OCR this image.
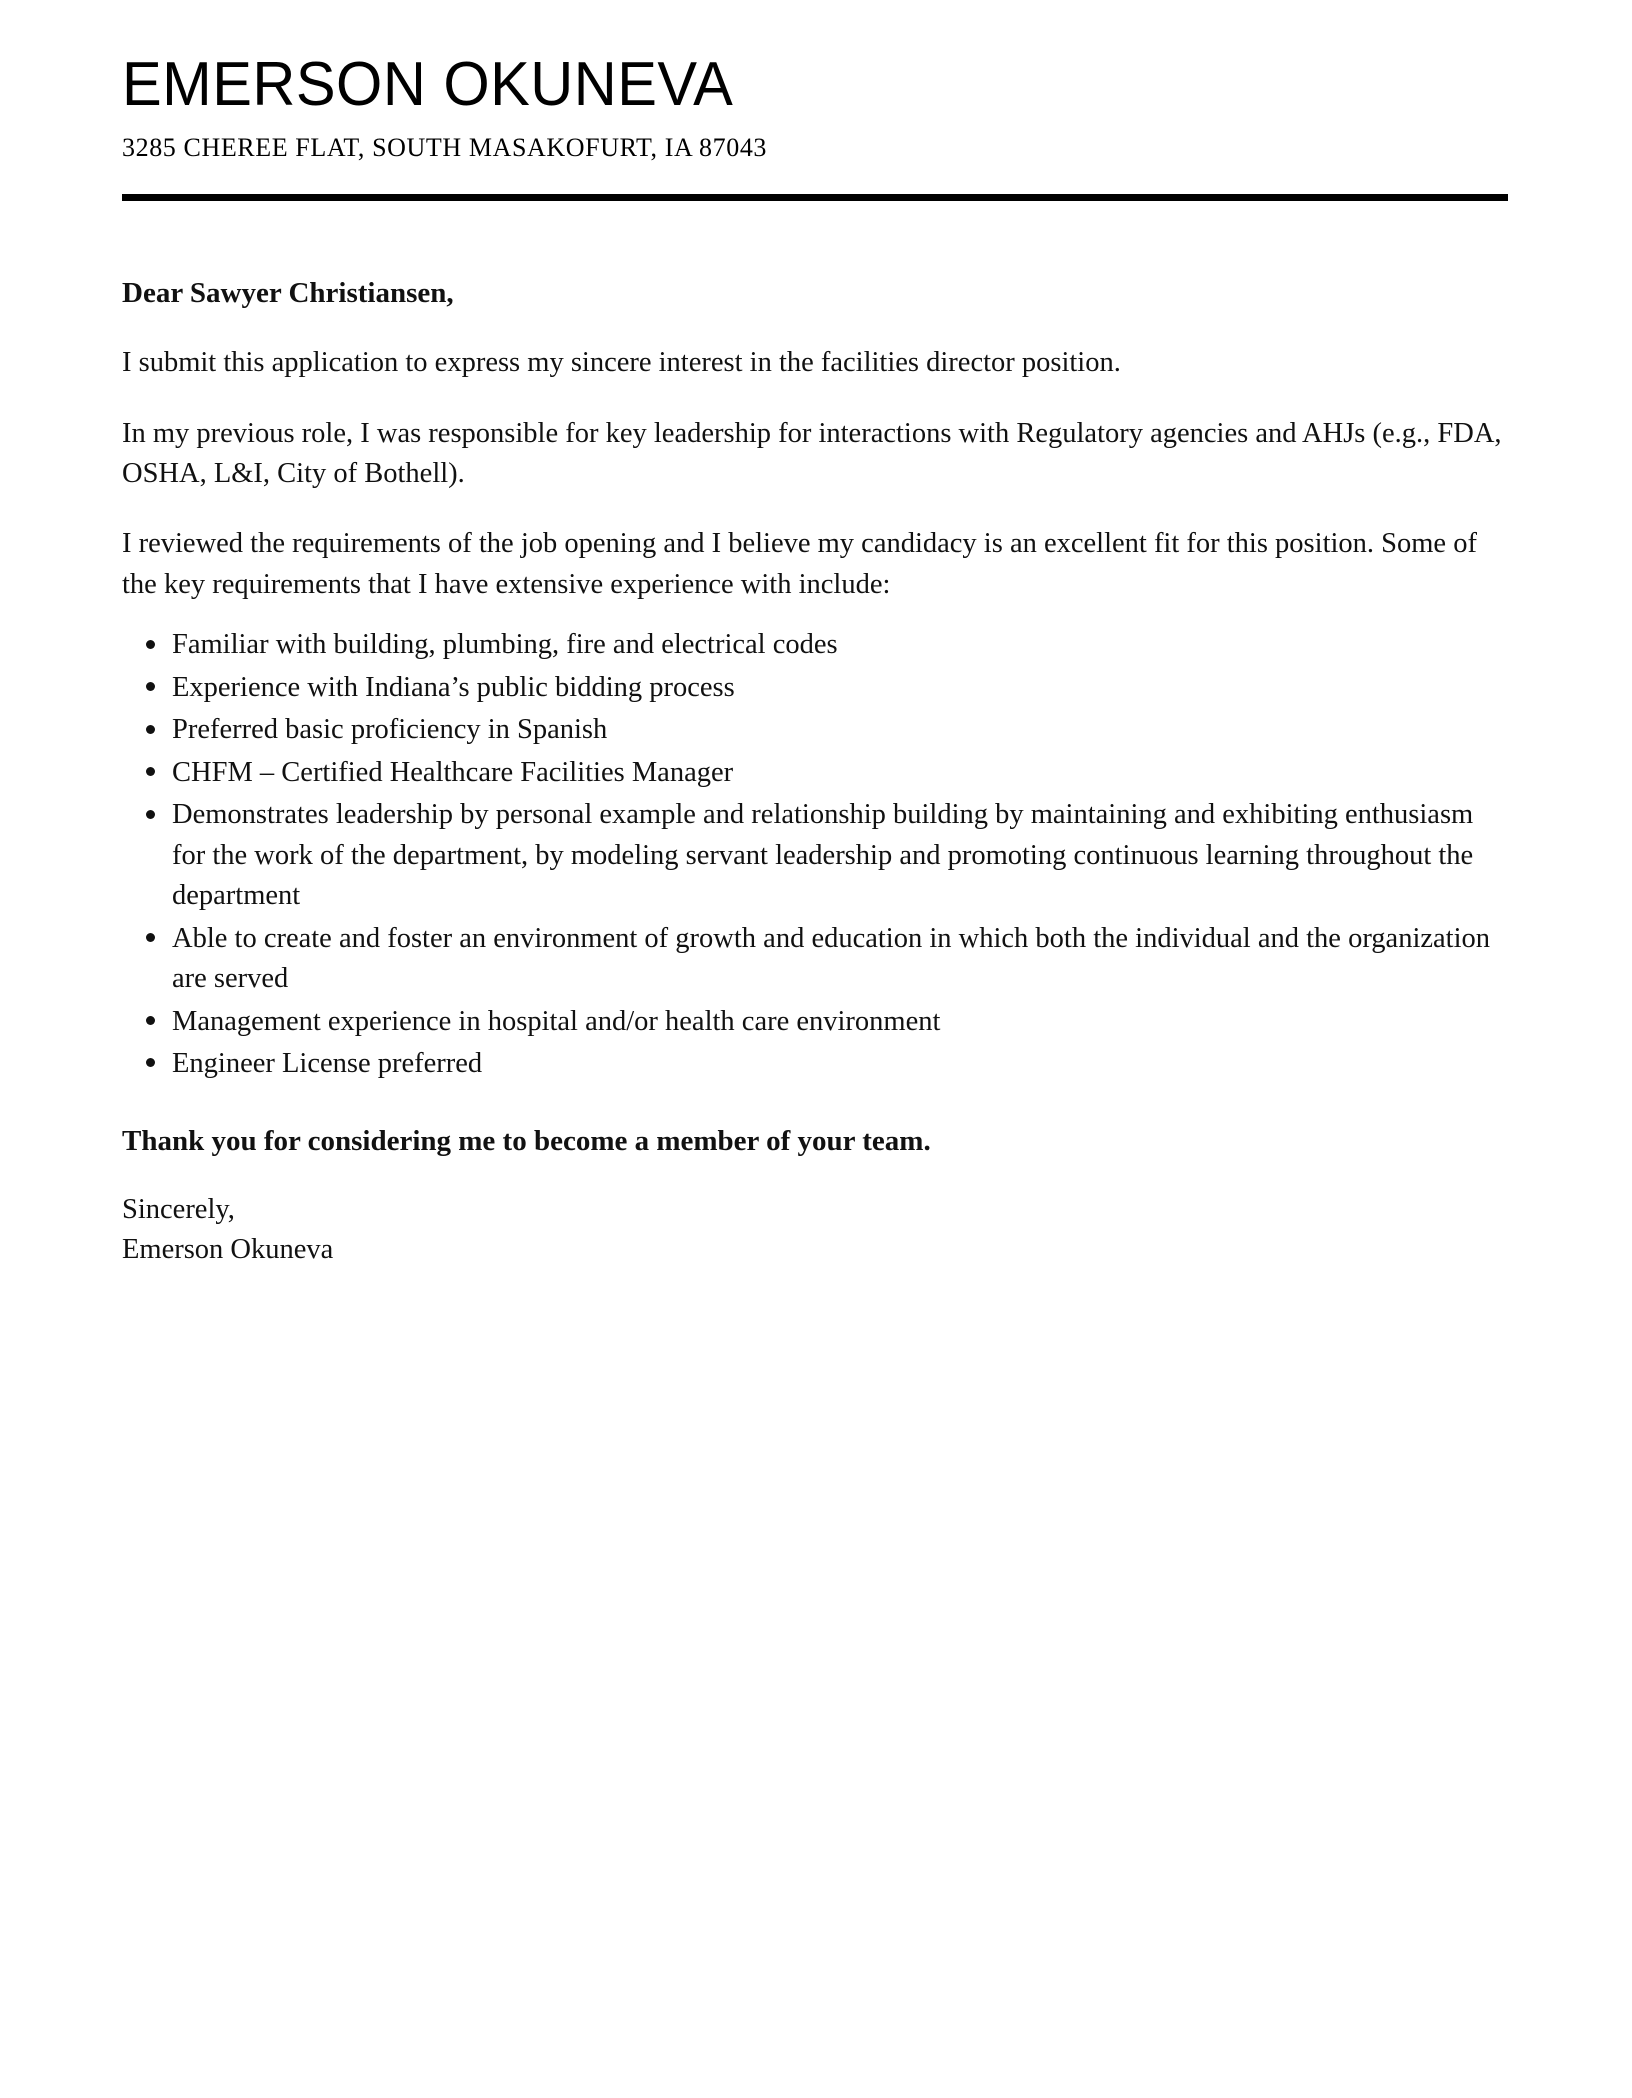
EMERSON OKUNEVA
3285 CHEREE FLAT, SOUTH MASAKOFURT, IA 87043

Dear Sawyer Christiansen,

I submit this application to express my sincere interest in the facilities director position.

In my previous role, I was responsible for key leadership for interactions with Regulatory agencies and AHJs (e.g., FDA, OSHA, L&I, City of Bothell).

I reviewed the requirements of the job opening and I believe my candidacy is an excellent fit for this position. Some of the key requirements that I have extensive experience with include:

Familiar with building, plumbing, fire and electrical codes
Experience with Indiana’s public bidding process
Preferred basic proficiency in Spanish
CHFM – Certified Healthcare Facilities Manager
Demonstrates leadership by personal example and relationship building by maintaining and exhibiting enthusiasm for the work of the department, by modeling servant leadership and promoting continuous learning throughout the department
Able to create and foster an environment of growth and education in which both the individual and the organization are served
Management experience in hospital and/or health care environment
Engineer License preferred

Thank you for considering me to become a member of your team.

Sincerely,
Emerson Okuneva
